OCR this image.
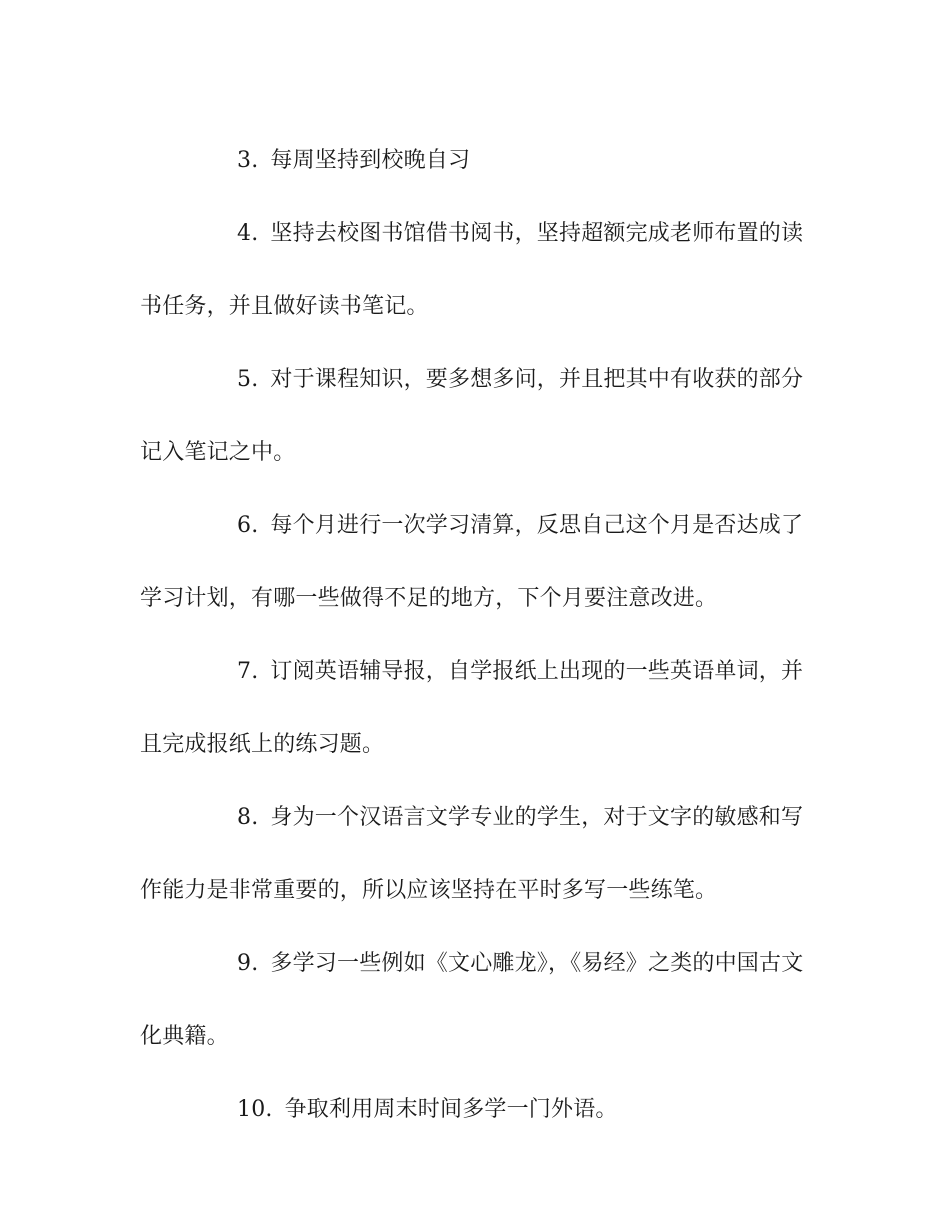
3. 每周坚持到校晚自习

4. 坚持去校图书馆借书阅书，坚持超额完成老师布置的读书任务，并且做好读书笔记。

5. 对于课程知识，要多想多问，并且把其中有收获的部分记入笔记之中。

6. 每个月进行一次学习清算，反思自己这个月是否达成了学习计划，有哪一些做得不足的地方，下个月要注意改进。

7. 订阅英语辅导报，自学报纸上出现的一些英语单词，并且完成报纸上的练习题。

8. 身为一个汉语言文学专业的学生，对于文字的敏感和写作能力是非常重要的，所以应该坚持在平时多写一些练笔。

9. 多学习一些例如《文心雕龙》，《易经》之类的中国古文化典籍。

10. 争取利用周末时间多学一门外语。
